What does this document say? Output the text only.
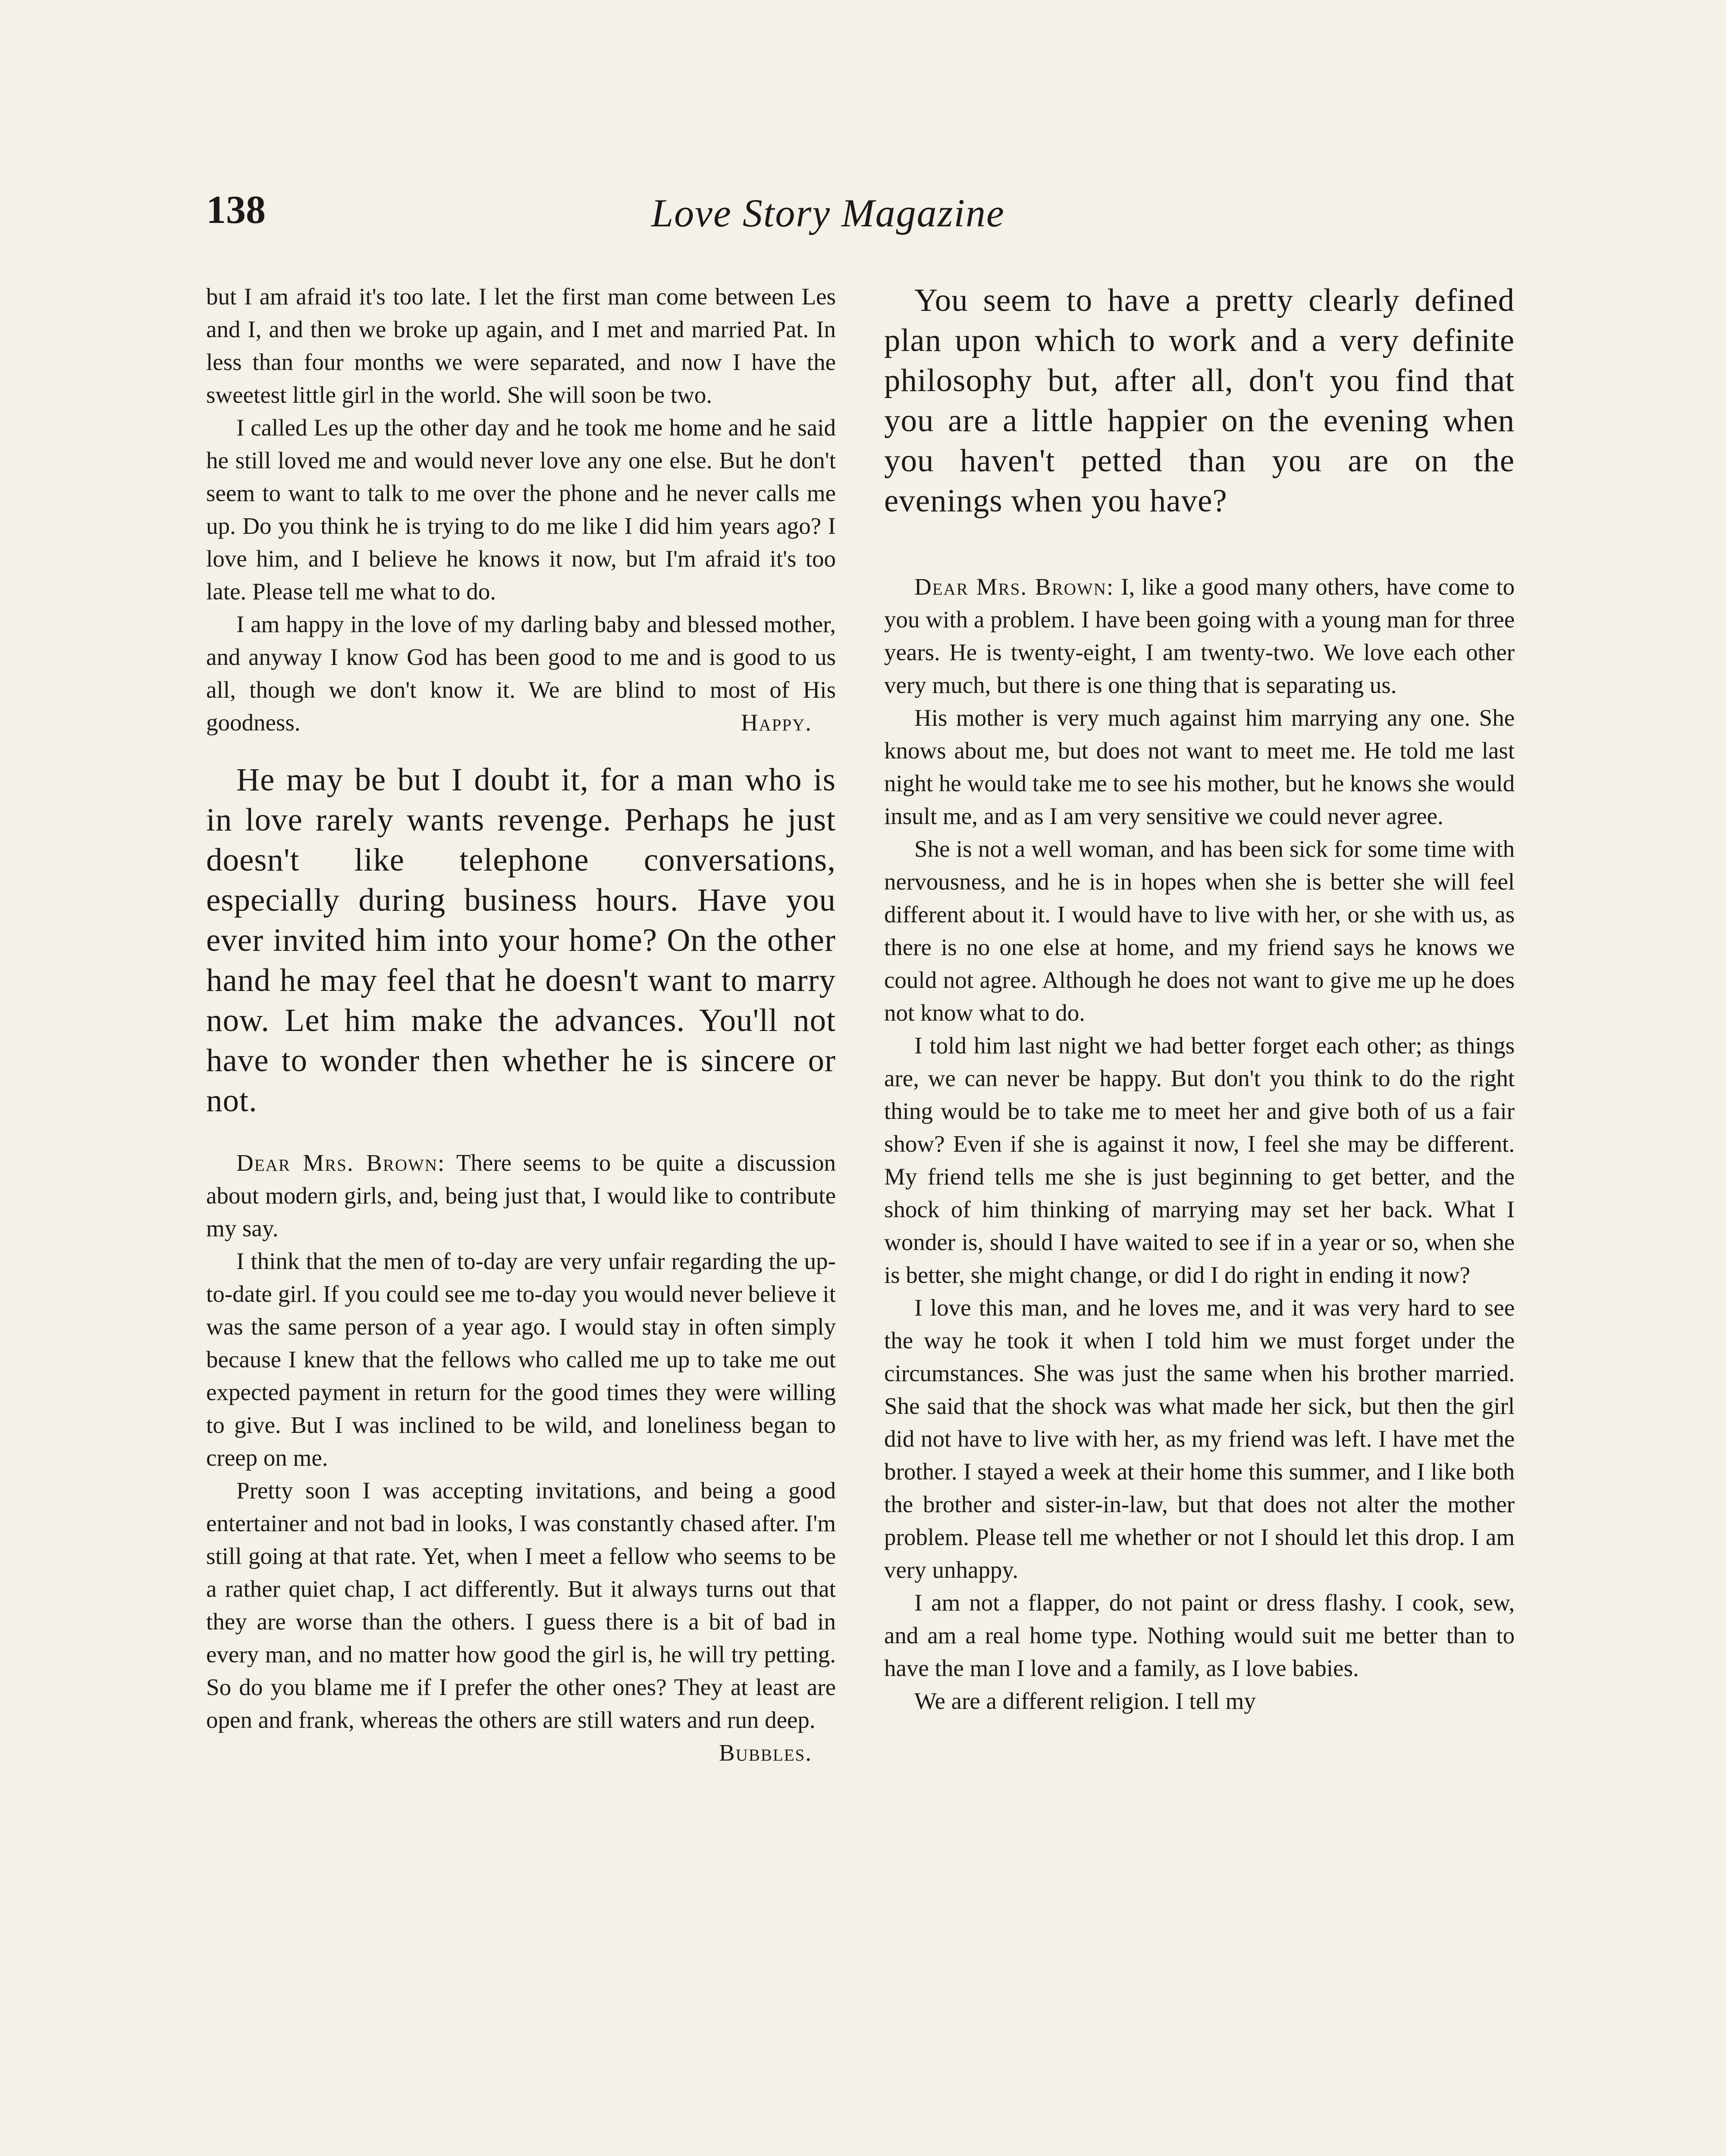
138	Love Story Magazine

but I am afraid it's too late. I let the first man come between Les and I, and then we broke up again, and I met and married Pat. In less than four months we were separated, and now I have the sweetest little girl in the world. She will soon be two.

I called Les up the other day and he took me home and he said he still loved me and would never love any one else. But he don't seem to want to talk to me over the phone and he never calls me up. Do you think he is trying to do me like I did him years ago? I love him, and I believe he knows it now, but I'm afraid it's too late. Please tell me what to do.

I am happy in the love of my darling baby and blessed mother, and anyway I know God has been good to me and is good to us all, though we don't know it. We are blind to most of His goodness.	Happy.

He may be but I doubt it, for a man who is in love rarely wants revenge. Perhaps he just doesn't like telephone conversations, especially during business hours. Have you ever invited him into your home? On the other hand he may feel that he doesn't want to marry now. Let him make the advances. You'll not have to wonder then whether he is sincere or not.

Dear Mrs. Brown: There seems to be quite a discussion about modern girls, and, being just that, I would like to contribute my say.

I think that the men of to-day are very unfair regarding the up-to-date girl. If you could see me to-day you would never believe it was the same person of a year ago. I would stay in often simply because I knew that the fellows who called me up to take me out expected payment in return for the good times they were willing to give. But I was inclined to be wild, and loneliness began to creep on me.

Pretty soon I was accepting invitations, and being a good entertainer and not bad in looks, I was constantly chased after. I'm still going at that rate. Yet, when I meet a fellow who seems to be a rather quiet chap, I act differently. But it always turns out that they are worse than the others. I guess there is a bit of bad in every man, and no matter how good the girl is, he will try petting. So do you blame me if I prefer the other ones? They at least are open and frank, whereas the others are still waters and run deep.
Bubbles.

You seem to have a pretty clearly defined plan upon which to work and a very definite philosophy but, after all, don't you find that you are a little happier on the evening when you haven't petted than you are on the evenings when you have?

Dear Mrs. Brown: I, like a good many others, have come to you with a problem. I have been going with a young man for three years. He is twenty-eight, I am twenty-two. We love each other very much, but there is one thing that is separating us.

His mother is very much against him marrying any one. She knows about me, but does not want to meet me. He told me last night he would take me to see his mother, but he knows she would insult me, and as I am very sensitive we could never agree.

She is not a well woman, and has been sick for some time with nervousness, and he is in hopes when she is better she will feel different about it. I would have to live with her, or she with us, as there is no one else at home, and my friend says he knows we could not agree. Although he does not want to give me up he does not know what to do.

I told him last night we had better forget each other; as things are, we can never be happy. But don't you think to do the right thing would be to take me to meet her and give both of us a fair show? Even if she is against it now, I feel she may be different. My friend tells me she is just beginning to get better, and the shock of him thinking of marrying may set her back. What I wonder is, should I have waited to see if in a year or so, when she is better, she might change, or did I do right in ending it now?

I love this man, and he loves me, and it was very hard to see the way he took it when I told him we must forget under the circumstances. She was just the same when his brother married. She said that the shock was what made her sick, but then the girl did not have to live with her, as my friend was left. I have met the brother. I stayed a week at their home this summer, and I like both the brother and sister-in-law, but that does not alter the mother problem. Please tell me whether or not I should let this drop. I am very unhappy.

I am not a flapper, do not paint or dress flashy. I cook, sew, and am a real home type. Nothing would suit me better than to have the man I love and a family, as I love babies.

We are a different religion. I tell my
